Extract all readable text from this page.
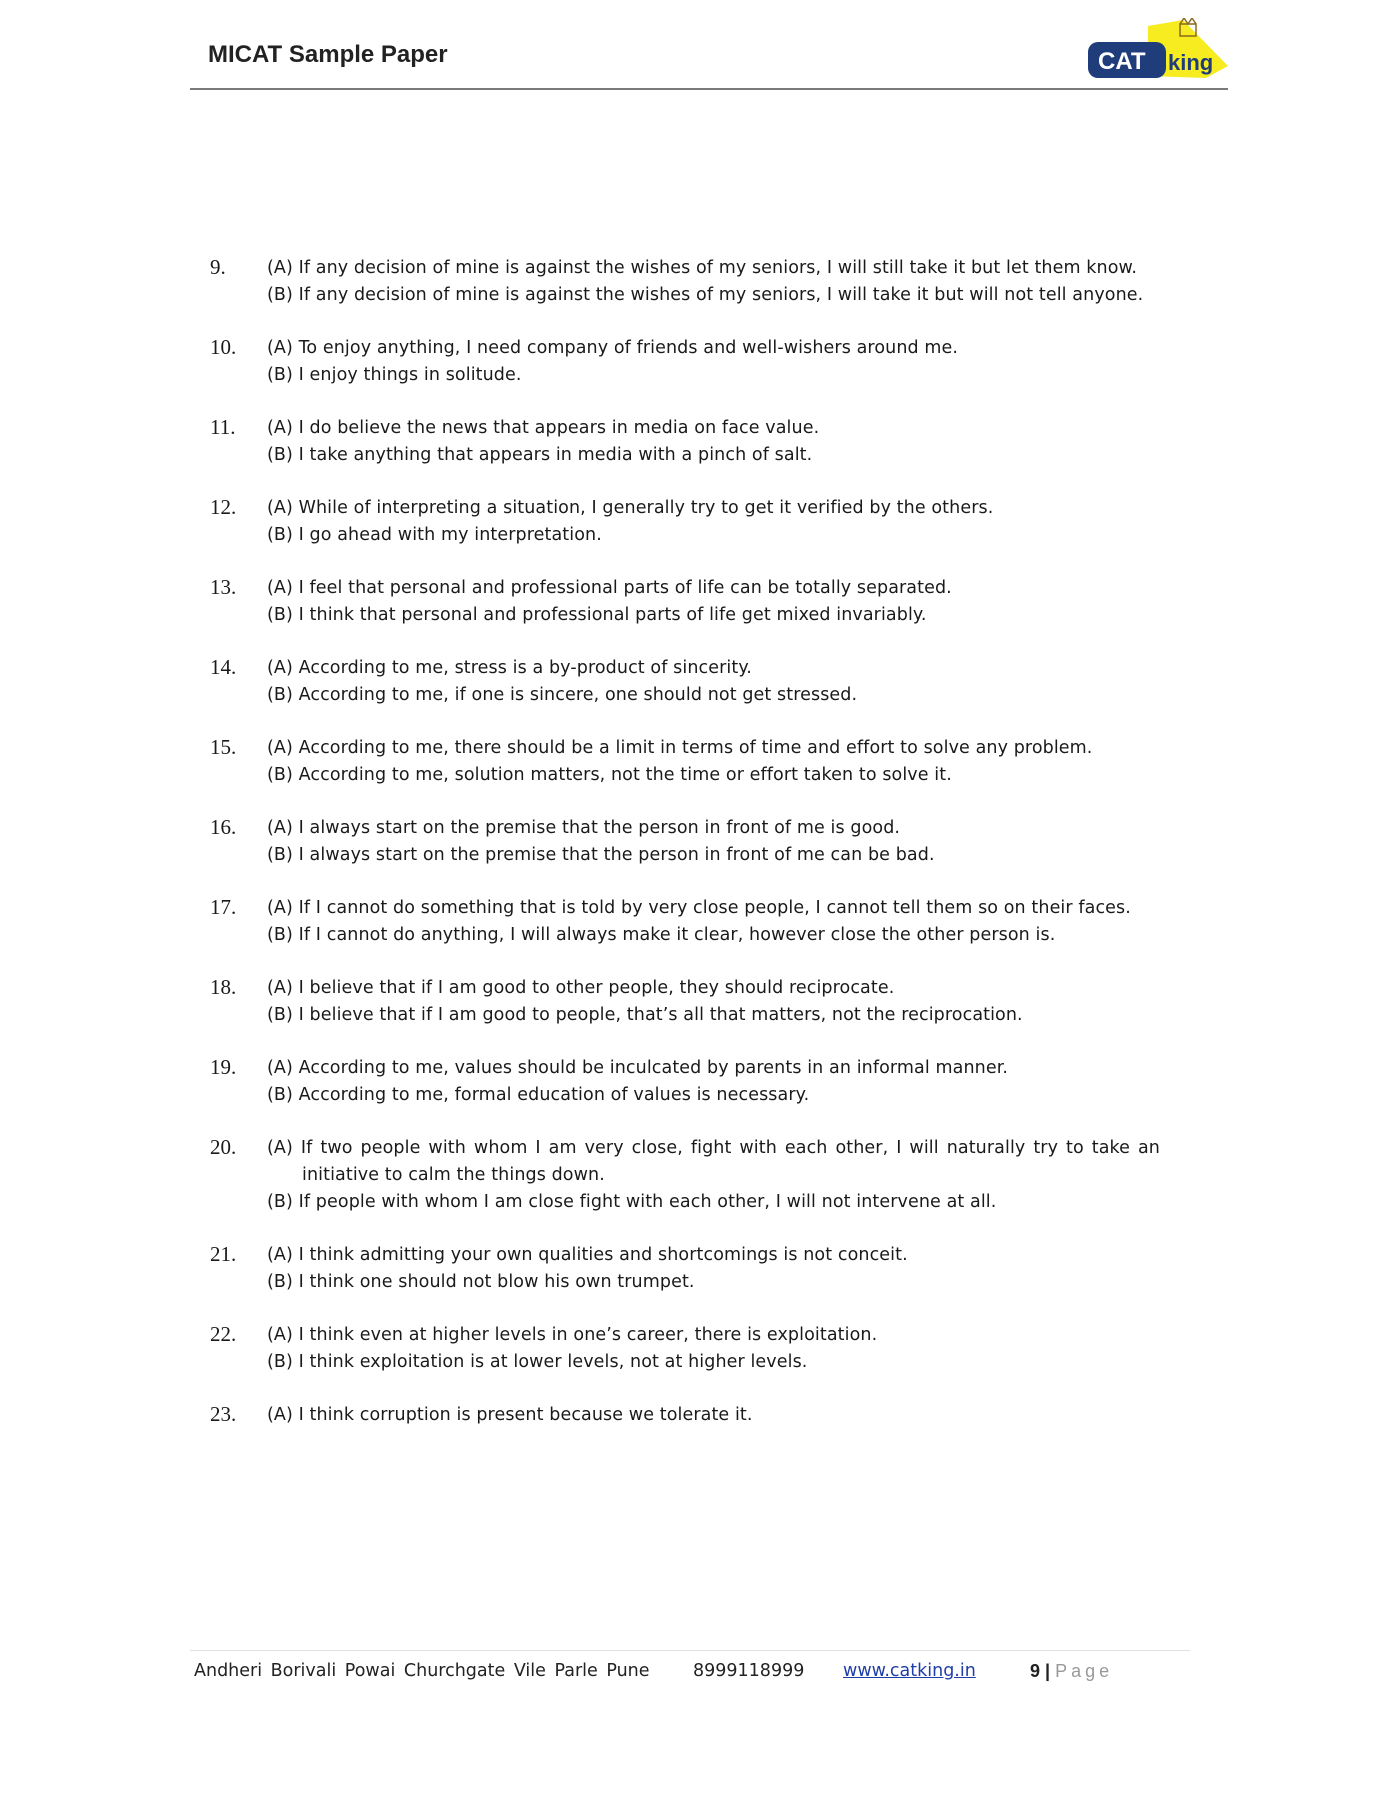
MICAT Sample Paper	CAT king
9. (A) If any decision of mine is against the wishes of my seniors, I will still take it but let them know.
(B) If any decision of mine is against the wishes of my seniors, I will take it but will not tell anyone.
10. (A) To enjoy anything, I need company of friends and well-wishers around me.
(B) I enjoy things in solitude.
11. (A) I do believe the news that appears in media on face value.
(B) I take anything that appears in media with a pinch of salt.
12. (A) While of interpreting a situation, I generally try to get it verified by the others.
(B) I go ahead with my interpretation.
13. (A) I feel that personal and professional parts of life can be totally separated.
(B) I think that personal and professional parts of life get mixed invariably.
14. (A) According to me, stress is a by-product of sincerity.
(B) According to me, if one is sincere, one should not get stressed.
15. (A) According to me, there should be a limit in terms of time and effort to solve any problem.
(B) According to me, solution matters, not the time or effort taken to solve it.
16. (A) I always start on the premise that the person in front of me is good.
(B) I always start on the premise that the person in front of me can be bad.
17. (A) If I cannot do something that is told by very close people, I cannot tell them so on their faces.
(B) If I cannot do anything, I will always make it clear, however close the other person is.
18. (A) I believe that if I am good to other people, they should reciprocate.
(B) I believe that if I am good to people, that’s all that matters, not the reciprocation.
19. (A) According to me, values should be inculcated by parents in an informal manner.
(B) According to me, formal education of values is necessary.
20. (A) If two people with whom I am very close, fight with each other, I will naturally try to take an initiative to calm the things down.
(B) If people with whom I am close fight with each other, I will not intervene at all.
21. (A) I think admitting your own qualities and shortcomings is not conceit.
(B) I think one should not blow his own trumpet.
22. (A) I think even at higher levels in one’s career, there is exploitation.
(B) I think exploitation is at lower levels, not at higher levels.
23. (A) I think corruption is present because we tolerate it.
Andheri Borivali Powai Churchgate Vile Parle Pune 8999118999 www.catking.in	9 | Page
